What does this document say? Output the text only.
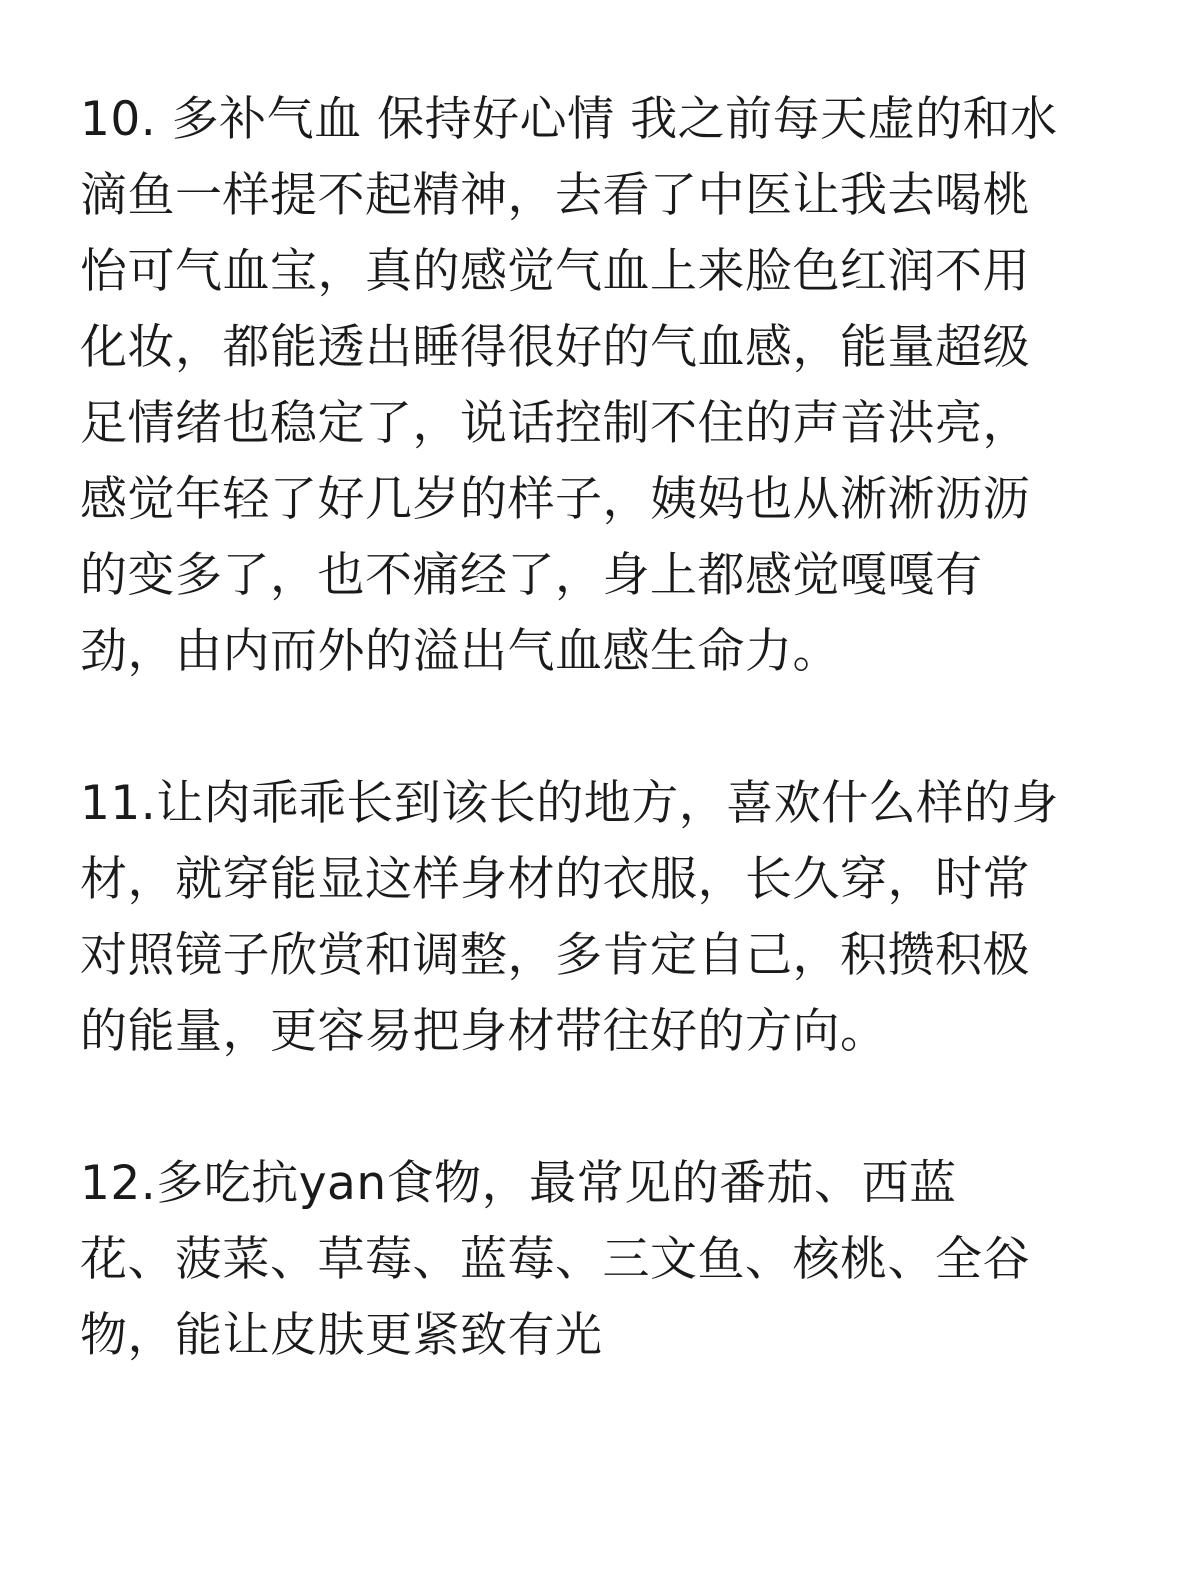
10. 多补气血 保持好心情 我之前每天虚的和水
滴鱼一样提不起精神，去看了中医让我去喝桃
怡可气血宝，真的感觉气血上来脸色红润不用
化妆，都能透出睡得很好的气血感，能量超级
足情绪也稳定了，说话控制不住的声音洪亮，
感觉年轻了好几岁的样子，姨妈也从淅淅沥沥
的变多了，也不痛经了，身上都感觉嘎嘎有
劲，由内而外的溢出气血感生命力。

11.让肉乖乖长到该长的地方，喜欢什么样的身
材，就穿能显这样身材的衣服，长久穿，时常
对照镜子欣赏和调整，多肯定自己，积攒积极
的能量，更容易把身材带往好的方向。

12.多吃抗yan食物，最常见的番茄、西蓝
花、菠菜、草莓、蓝莓、三文鱼、核桃、全谷
物，能让皮肤更紧致有光
